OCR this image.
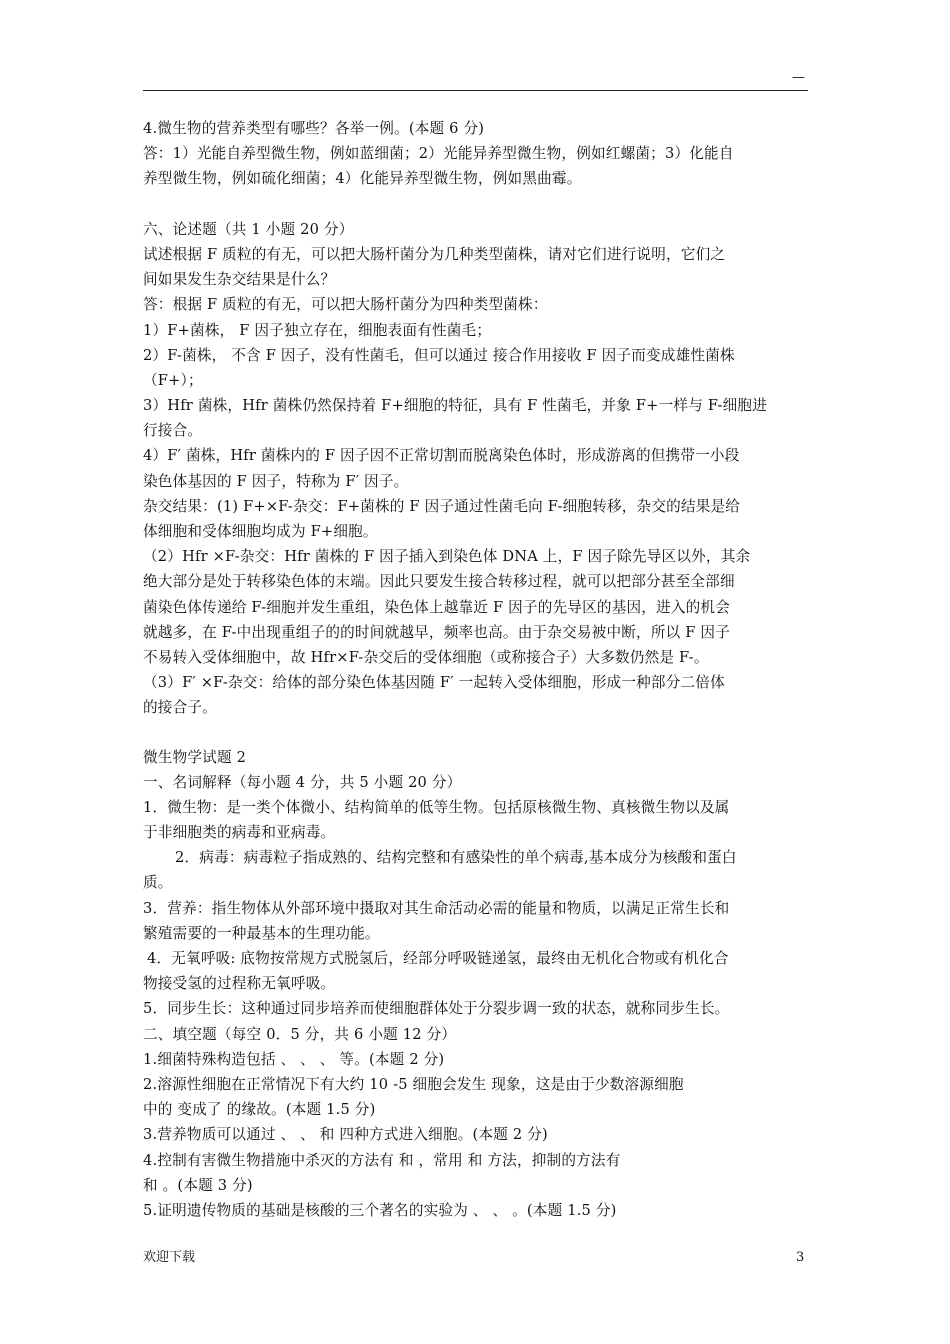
—
4.微生物的营养类型有哪些？各举一例。(本题 6 分)
答：1）光能自养型微生物，例如蓝细菌；2）光能异养型微生物，例如红螺菌；3）化能自
养型微生物，例如硫化细菌；4）化能异养型微生物，例如黑曲霉。
六、论述题（共 1 小题 20 分）
试述根据 F 质粒的有无，可以把大肠杆菌分为几种类型菌株，请对它们进行说明，它们之
间如果发生杂交结果是什么？
答：根据 F 质粒的有无，可以把大肠杆菌分为四种类型菌株：
1）F+菌株， F 因子独立存在，细胞表面有性菌毛；
2）F-菌株， 不含 F 因子，没有性菌毛，但可以通过 接合作用接收 F 因子而变成雄性菌株
（F+）；
3）Hfr 菌株，Hfr 菌株仍然保持着 F+细胞的特征，具有 F 性菌毛，并象 F+一样与 F-细胞进
行接合。
4）F′ 菌株，Hfr 菌株内的 F 因子因不正常切割而脱离染色体时，形成游离的但携带一小段
染色体基因的 F 因子，特称为 F′ 因子。
杂交结果：(1) F+×F-杂交：F+菌株的 F 因子通过性菌毛向 F-细胞转移，杂交的结果是给
体细胞和受体细胞均成为 F+细胞。
（2）Hfr ×F-杂交：Hfr 菌株的 F 因子插入到染色体 DNA 上，F 因子除先导区以外，其余
绝大部分是处于转移染色体的末端。因此只要发生接合转移过程，就可以把部分甚至全部细
菌染色体传递给 F-细胞并发生重组，染色体上越靠近 F 因子的先导区的基因，进入的机会
就越多，在 F-中出现重组子的的时间就越早，频率也高。由于杂交易被中断，所以 F 因子
不易转入受体细胞中，故 Hfr×F-杂交后的受体细胞（或称接合子）大多数仍然是 F-。
（3）F′ ×F-杂交：给体的部分染色体基因随 F′ 一起转入受体细胞，形成一种部分二倍体
的接合子。
微生物学试题 2
一、名词解释（每小题 4 分，共 5 小题 20 分）
1．微生物：是一类个体微小、结构简单的低等生物。包括原核微生物、真核微生物以及属
于非细胞类的病毒和亚病毒。
2．病毒：病毒粒子指成熟的、结构完整和有感染性的单个病毒,基本成分为核酸和蛋白
质。
3．营养：指生物体从外部环境中摄取对其生命活动必需的能量和物质，以满足正常生长和
繁殖需要的一种最基本的生理功能。
4．无氧呼吸: 底物按常规方式脱氢后，经部分呼吸链递氢，最终由无机化合物或有机化合
物接受氢的过程称无氧呼吸。
5．同步生长：这种通过同步培养而使细胞群体处于分裂步调一致的状态，就称同步生长。
二、填空题（每空 0．5 分，共 6 小题 12 分）
1.细菌特殊构造包括 、 、 、 等。(本题 2 分)
2.溶源性细胞在正常情况下有大约 10 -5 细胞会发生 现象，这是由于少数溶源细胞
中的 变成了 的缘故。(本题 1.5 分)
3.营养物质可以通过 、 、 和 四种方式进入细胞。(本题 2 分)
4.控制有害微生物措施中杀灭的方法有 和 ，常用 和 方法，抑制的方法有
和 。(本题 3 分)
5.证明遗传物质的基础是核酸的三个著名的实验为 、 、 。(本题 1.5 分)
欢迎下载	3
